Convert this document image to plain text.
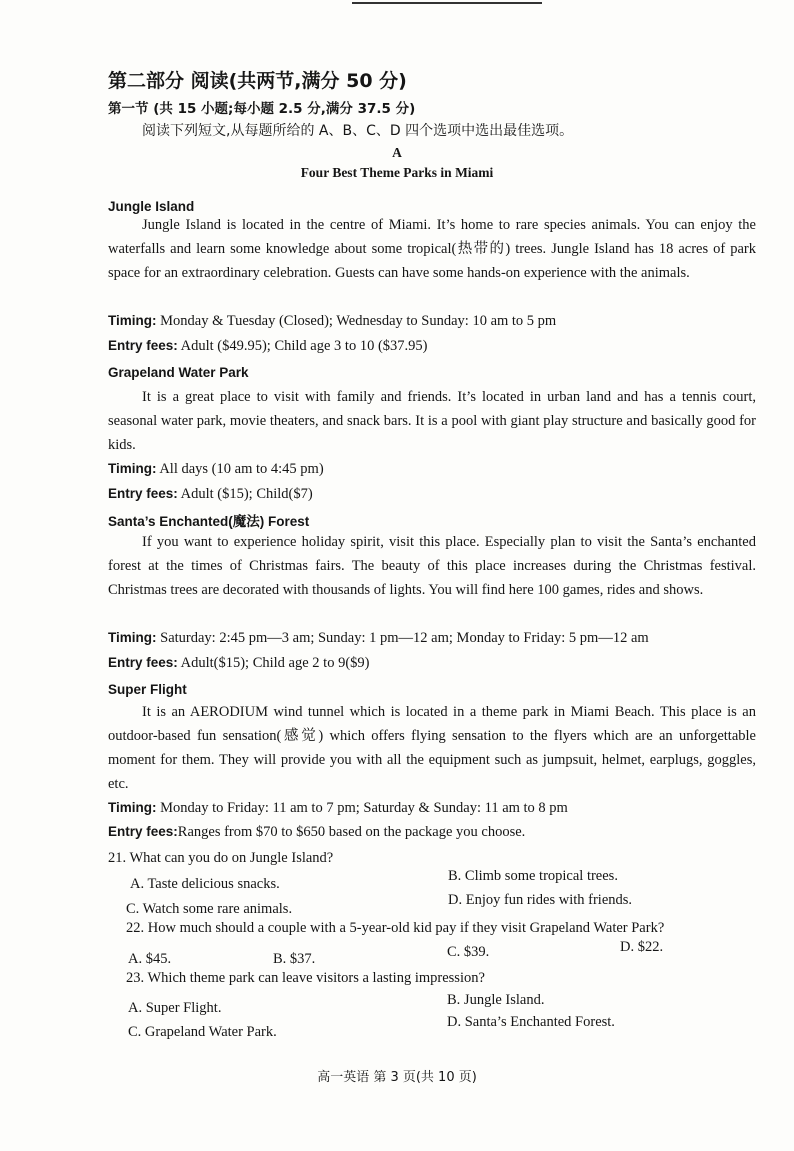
第二部分 阅读(共两节,满分 50 分)
第一节 (共 15 小题;每小题 2.5 分,满分 37.5 分)
阅读下列短文,从每题所给的 A、B、C、D 四个选项中选出最佳选项。
A
Four Best Theme Parks in Miami
Jungle Island
Jungle Island is located in the centre of Miami. It’s home to rare species animals. You can enjoy the waterfalls and learn some knowledge about some tropical(热带的) trees. Jungle Island has 18 acres of park space for an extraordinary celebration. Guests can have some hands-on experience with the animals.
Timing: Monday & Tuesday (Closed); Wednesday to Sunday: 10 am to 5 pm
Entry fees: Adult ($49.95); Child age 3 to 10 ($37.95)
Grapeland Water Park
It is a great place to visit with family and friends. It’s located in urban land and has a tennis court, seasonal water park, movie theaters, and snack bars. It is a pool with giant play structure and basically good for kids.
Timing: All days (10 am to 4:45 pm)
Entry fees: Adult ($15); Child($7)
Santa’s Enchanted(魔法) Forest
If you want to experience holiday spirit, visit this place. Especially plan to visit the Santa’s enchanted forest at the times of Christmas fairs. The beauty of this place increases during the Christmas festival. Christmas trees are decorated with thousands of lights. You will find here 100 games, rides and shows.
Timing: Saturday: 2:45 pm—3 am; Sunday: 1 pm—12 am; Monday to Friday: 5 pm—12 am
Entry fees: Adult($15); Child age 2 to 9($9)
Super Flight
It is an AERODIUM wind tunnel which is located in a theme park in Miami Beach. This place is an outdoor-based fun sensation(感觉) which offers flying sensation to the flyers which are an unforgettable moment for them. They will provide you with all the equipment such as jumpsuit, helmet, earplugs, goggles, etc.
Timing: Monday to Friday: 11 am to 7 pm; Saturday & Sunday: 11 am to 8 pm
Entry fees:Ranges from $70 to $650 based on the package you choose.
21. What can you do on Jungle Island?
A. Taste delicious snacks.	B. Climb some tropical trees.
C. Watch some rare animals.
D. Enjoy fun rides with friends.
22. How much should a couple with a 5-year-old kid pay if they visit Grapeland Water Park?
A. $45.	B. $37.	C. $39.	D. $22.
23. Which theme park can leave visitors a lasting impression?
A. Super Flight.	B. Jungle Island.
C. Grapeland Water Park.
D. Santa’s Enchanted Forest.
高一英语 第 3 页(共 10 页)
